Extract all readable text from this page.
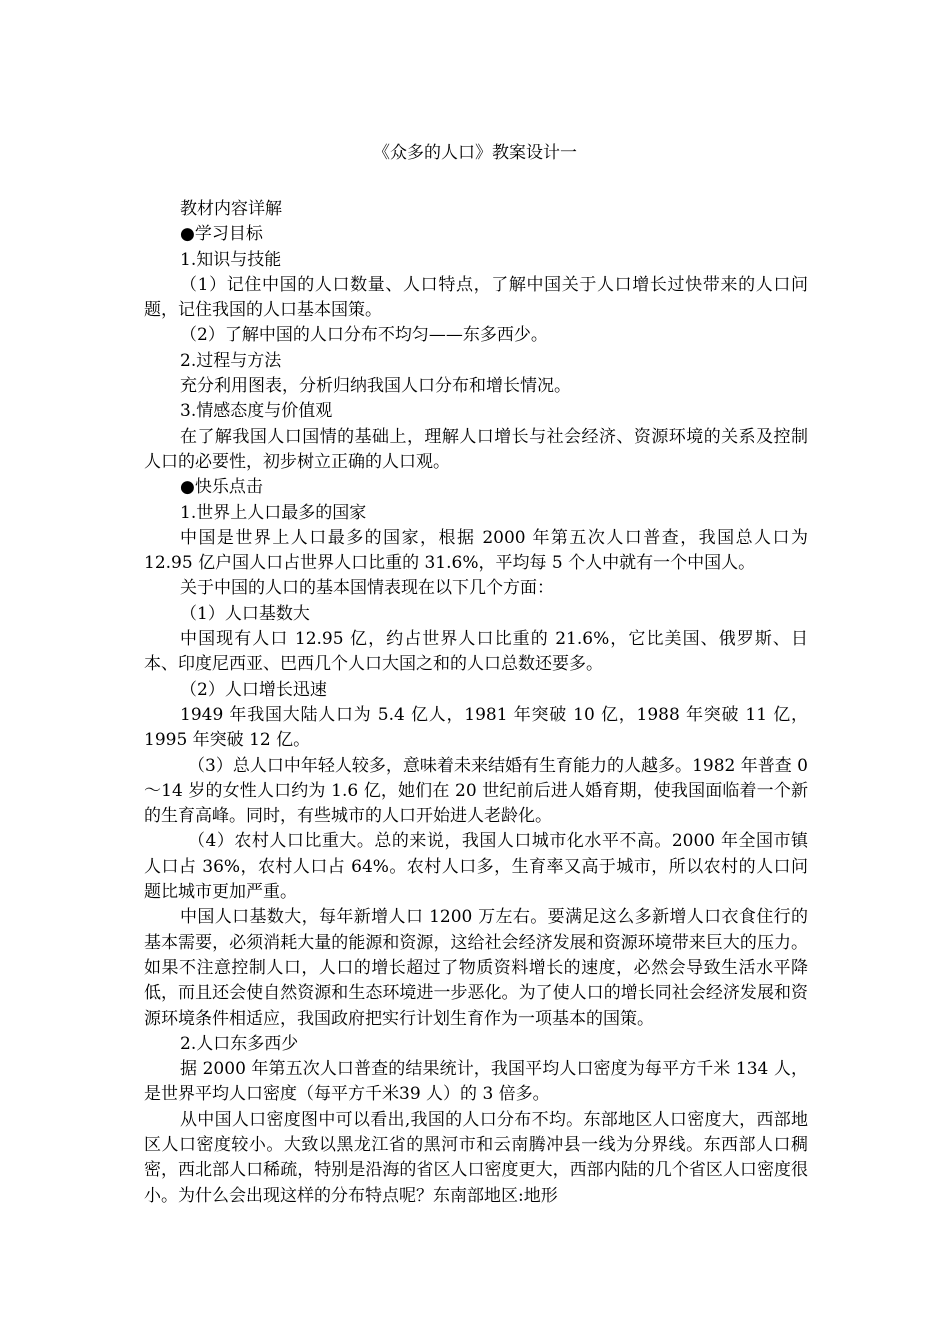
《众多的人口》教案设计一

教材内容详解

●学习目标

1.知识与技能

（1）记住中国的人口数量、人口特点，了解中国关于人口增长过快带来的人口问题，记住我国的人口基本国策。

（2）了解中国的人口分布不均匀——东多西少。

2.过程与方法

充分利用图表，分析归纳我国人口分布和增长情况。

3.情感态度与价值观

在了解我国人口国情的基础上，理解人口增长与社会经济、资源环境的关系及控制人口的必要性，初步树立正确的人口观。

●快乐点击

1.世界上人口最多的国家

中国是世界上人口最多的国家，根据 2000 年第五次人口普查，我国总人口为 12.95 亿户国人口占世界人口比重的 31.6%，平均每 5 个人中就有一个中国人。

关于中国的人口的基本国情表现在以下几个方面：

（1）人口基数大

中国现有人口 12.95 亿，约占世界人口比重的 21.6%，它比美国、俄罗斯、日本、印度尼西亚、巴西几个人口大国之和的人口总数还要多。

（2）人口增长迅速

1949 年我国大陆人口为 5.4 亿人，1981 年突破 10 亿，1988 年突破 11 亿，1995 年突破 12 亿。

（3）总人口中年轻人较多，意味着未来结婚有生育能力的人越多。1982 年普查 0～14 岁的女性人口约为 1.6 亿，她们在 20 世纪前后进人婚育期，使我国面临着一个新的生育高峰。同时，有些城市的人口开始进人老龄化。

（4）农村人口比重大。总的来说，我国人口城市化水平不高。2000 年全国市镇人口占 36%，农村人口占 64%。农村人口多，生育率又高于城市，所以农村的人口问题比城市更加严重。

中国人口基数大，每年新增人口 1200 万左右。要满足这么多新增人口衣食住行的基本需要，必须消耗大量的能源和资源，这给社会经济发展和资源环境带来巨大的压力。如果不注意控制人口，人口的增长超过了物质资料增长的速度，必然会导致生活水平降低，而且还会使自然资源和生态环境进一步恶化。为了使人口的增长同社会经济发展和资源环境条件相适应，我国政府把实行计划生育作为一项基本的国策。

2.人口东多西少

据 2000 年第五次人口普查的结果统计，我国平均人口密度为每平方千米 134 人，是世界平均人口密度（每平方千米39 人）的 3 倍多。

从中国人口密度图中可以看出,我国的人口分布不均。东部地区人口密度大，西部地区人口密度较小。大致以黑龙江省的黑河市和云南腾冲县一线为分界线。东西部人口稠密，西北部人口稀疏，特别是沿海的省区人口密度更大，西部内陆的几个省区人口密度很小。为什么会出现这样的分布特点呢？东南部地区:地形
